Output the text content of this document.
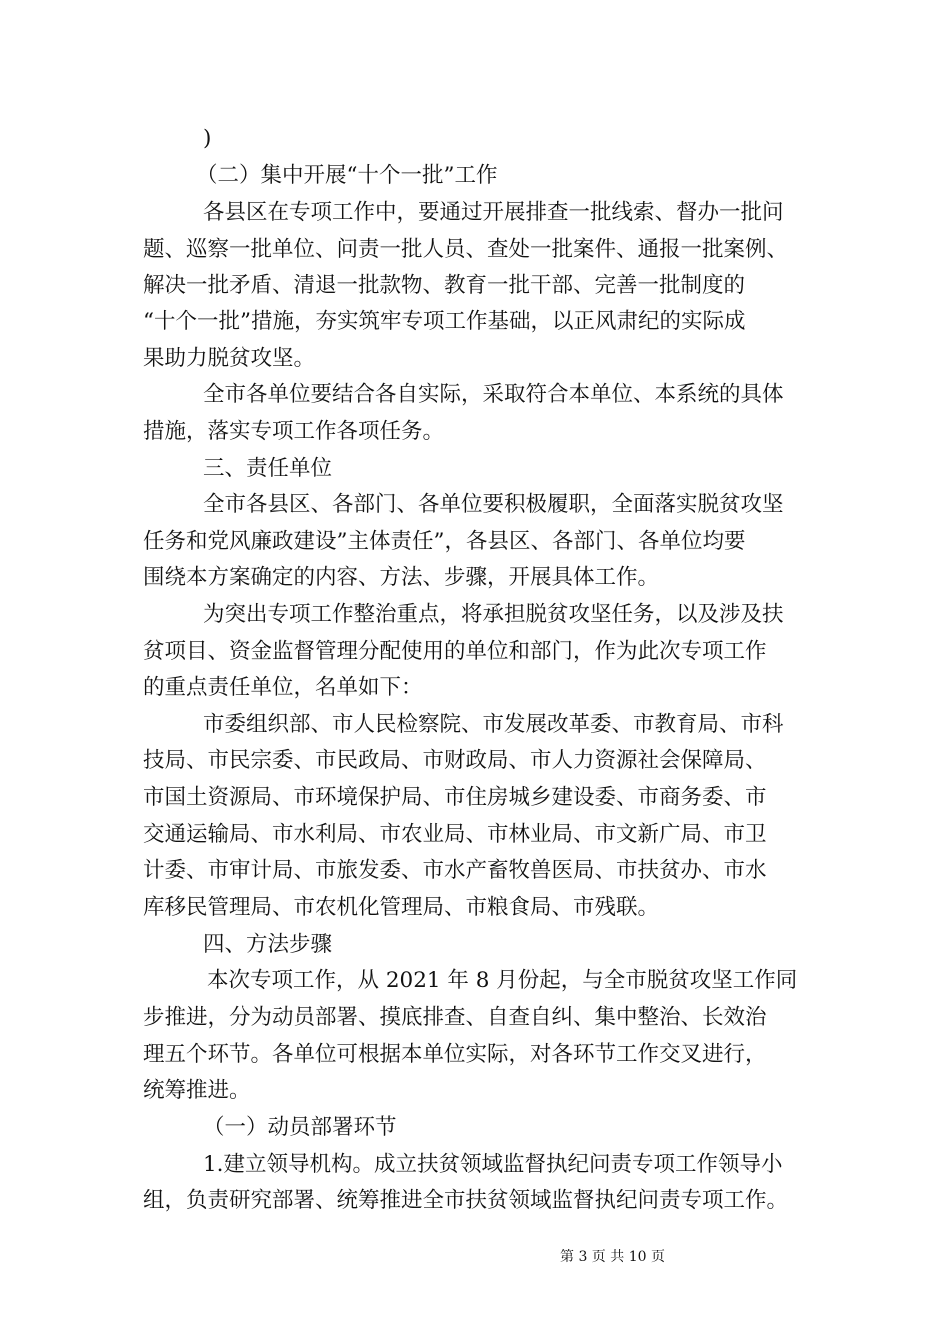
)
（二）集中开展“十个一批”工作
各县区在专项工作中，要通过开展排查一批线索、督办一批问
题、巡察一批单位、问责一批人员、查处一批案件、通报一批案例、
解决一批矛盾、清退一批款物、教育一批干部、完善一批制度的
“十个一批”措施，夯实筑牢专项工作基础，以正风肃纪的实际成
果助力脱贫攻坚。
全市各单位要结合各自实际，采取符合本单位、本系统的具体
措施，落实专项工作各项任务。
三、责任单位
全市各县区、各部门、各单位要积极履职，全面落实脱贫攻坚
任务和党风廉政建设”主体责任”，各县区、各部门、各单位均要
围绕本方案确定的内容、方法、步骤，开展具体工作。
为突出专项工作整治重点，将承担脱贫攻坚任务，以及涉及扶
贫项目、资金监督管理分配使用的单位和部门，作为此次专项工作
的重点责任单位，名单如下：
市委组织部、市人民检察院、市发展改革委、市教育局、市科
技局、市民宗委、市民政局、市财政局、市人力资源社会保障局、
市国土资源局、市环境保护局、市住房城乡建设委、市商务委、市
交通运输局、市水利局、市农业局、市林业局、市文新广局、市卫
计委、市审计局、市旅发委、市水产畜牧兽医局、市扶贫办、市水
库移民管理局、市农机化管理局、市粮食局、市残联。
四、方法步骤
本次专项工作，从 2021 年 8 月份起，与全市脱贫攻坚工作同
步推进，分为动员部署、摸底排查、自查自纠、集中整治、长效治
理五个环节。各单位可根据本单位实际，对各环节工作交叉进行，
统筹推进。
（一）动员部署环节
1.建立领导机构。成立扶贫领域监督执纪问责专项工作领导小
组，负责研究部署、统筹推进全市扶贫领域监督执纪问责专项工作。
第 3 页 共 10 页
